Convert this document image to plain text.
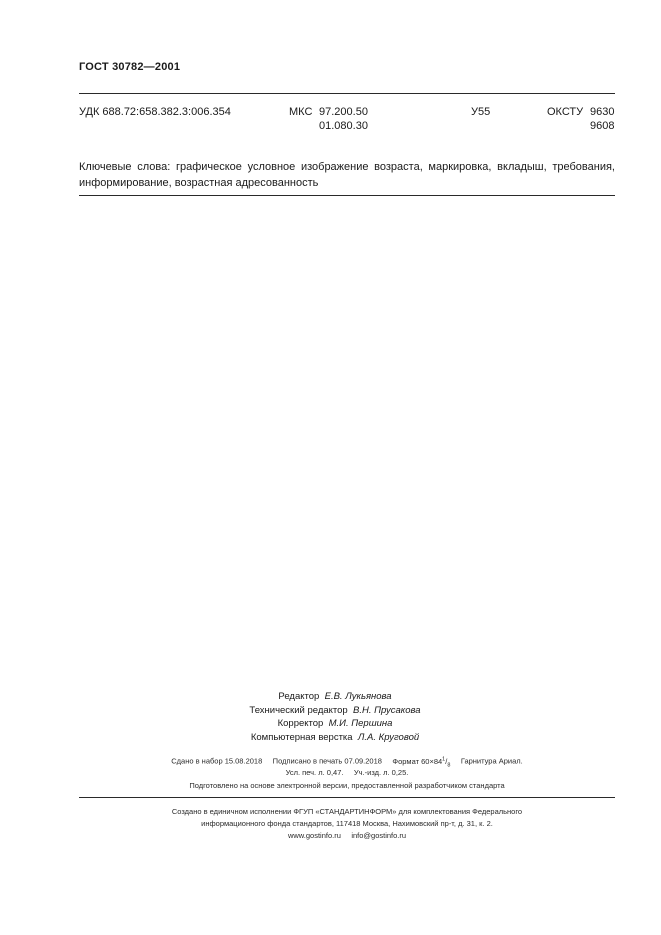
ГОСТ 30782—2001
УДК 688.72:658.382.3:006.354	МКС 97.200.50
01.080.30
У55	ОКСТУ 9630
9608
Ключевые слова: графическое условное изображение возраста, маркировка, вкладыш, требования, информирование, возрастная адресованность
Редактор Е.В. Лукьянова
Технический редактор В.Н. Прусакова
Корректор М.И. Першина
Компьютерная верстка Л.А. Круговой
Сдано в набор 15.08.2018 Подписано в печать 07.09.2018 Формат $60\times 84^1/_8$ Гарнитура Ариал.
Усл. печ. л. 0,47. Уч.-изд. л. 0,25.
Подготовлено на основе электронной версии, предоставленной разработчиком стандарта
Создано в единичном исполнении ФГУП «СТАНДАРТИНФОРМ» для комплектования Федерального
информационного фонда стандартов, 117418 Москва, Нахимовский пр-т, д. 31, к. 2.
www.gostinfo.ru info@gostinfo.ru
